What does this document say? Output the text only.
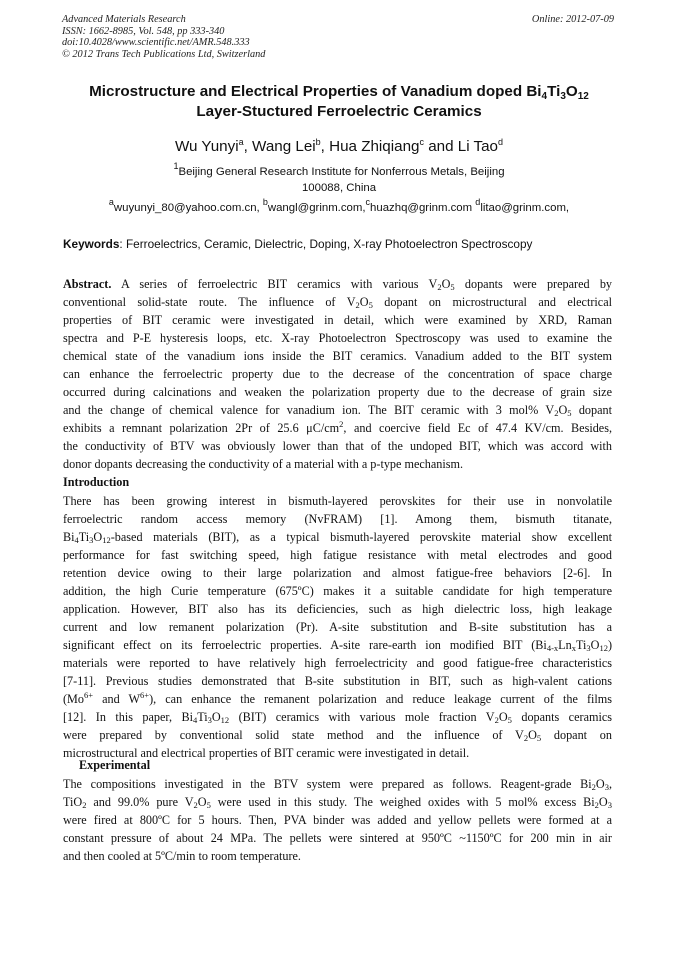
Advanced Materials Research
ISSN: 1662-8985, Vol. 548, pp 333-340
doi:10.4028/www.scientific.net/AMR.548.333
© 2012 Trans Tech Publications Ltd, Switzerland
Online: 2012-07-09
Microstructure and Electrical Properties of Vanadium doped $Bi_4Ti_3O_{12}$
Layer-Stuctured Ferroelectric Ceramics
Wu Yunyi$^a$, Wang Lei$^b$, Hua Zhiqiang$^c$ and Li Tao$^d$
$^1$Beijing General Research Institute for Nonferrous Metals, Beijing
100088, China
$^a$wuyunyi_80@yahoo.com.cn, $^b$wangl@grinm.com,$^c$huazhq@grinm.com $^d$litao@grinm.com,
Keywords: Ferroelectrics, Ceramic, Dielectric, Doping, X-ray Photoelectron Spectroscopy
Abstract. A series of ferroelectric BIT ceramics with various $V_2O_5$ dopants were prepared by
conventional solid-state route. The influence of $V_2O_5$ dopant on microstructural and electrical
properties of BIT ceramic were investigated in detail, which were examined by XRD, Raman
spectra and P-E hysteresis loops, etc. X-ray Photoelectron Spectroscopy was used to examine the
chemical state of the vanadium ions inside the BIT ceramics. Vanadium added to the BIT system
can enhance the ferroelectric property due to the decrease of the concentration of space charge
occurred during calcinations and weaken the polarization property due to the decrease of grain size
and the change of chemical valence for vanadium ion. The BIT ceramic with 3 mol% $V_2O_5$ dopant
exhibits a remnant polarization 2Pr of 25.6 $\mu C/cm^2$, and coercive field Ec of 47.4 KV/cm. Besides,
the conductivity of BTV was obviously lower than that of the undoped BIT, which was accord with
donor dopants decreasing the conductivity of a material with a p-type mechanism.
Introduction
There has been growing interest in bismuth-layered perovskites for their use in nonvolatile
ferroelectric random access memory (NvFRAM) [1]. Among them, bismuth titanate,
$Bi_4Ti_3O_{12}$-based materials (BIT), as a typical bismuth-layered perovskite material show excellent
performance for fast switching speed, high fatigue resistance with metal electrodes and good
retention device owing to their large polarization and almost fatigue-free behaviors [2-6]. In
addition, the high Curie temperature (675ºC) makes it a suitable candidate for high temperature
application. However, BIT also has its deficiencies, such as high dielectric loss, high leakage
current and low remanent polarization (Pr). A-site substitution and B-site substitution has a
significant effect on its ferroelectric properties. A-site rare-earth ion modified BIT $(Bi_{4-x}Ln_xTi_3O_{12})$
materials were reported to have relatively high ferroelectricity and good fatigue-free characteristics
[7-11]. Previous studies demonstrated that B-site substitution in BIT, such as high-valent cations
($Mo^{6+}$ and $W^{6+}$), can enhance the remanent polarization and reduce leakage current of the films
[12]. In this paper, $Bi_4Ti_3O_{12}$ (BIT) ceramics with various mole fraction $V_2O_5$ dopants ceramics
were prepared by conventional solid state method and the influence of $V_2O_5$ dopant on
microstructural and electrical properties of BIT ceramic were investigated in detail.
Experimental
The compositions investigated in the BTV system were prepared as follows. Reagent-grade $Bi_2O_3$,
TiO$_2$ and 99.0% pure $V_2O_5$ were used in this study. The weighed oxides with 5 mol% excess $Bi_2O_3$
were fired at 800ºC for 5 hours. Then, PVA binder was added and yellow pellets were formed at a
constant pressure of about 24 MPa. The pellets were sintered at 950ºC ~1150ºC for 200 min in air
and then cooled at 5ºC/min to room temperature.
